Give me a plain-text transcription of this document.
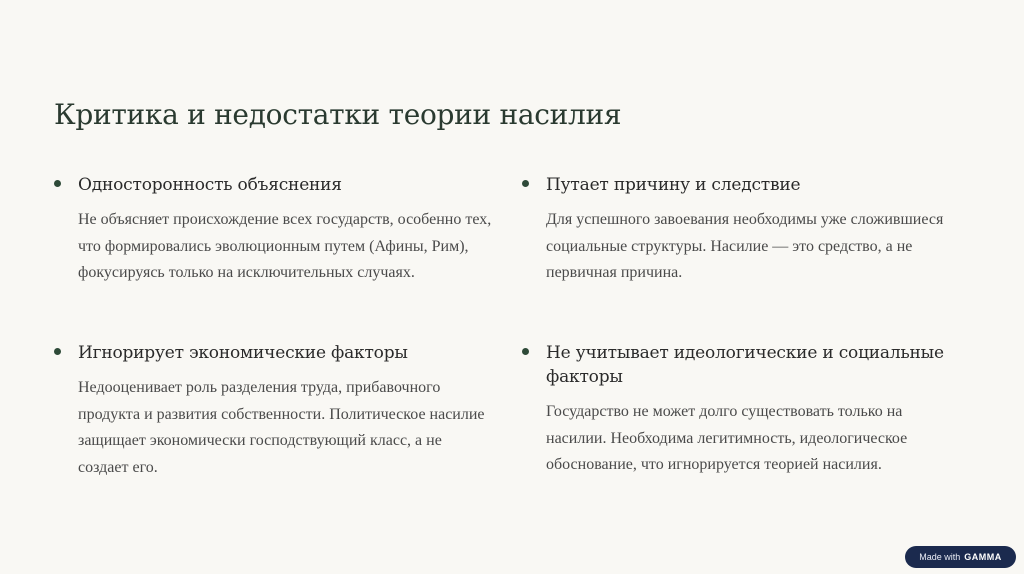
Критика и недостатки теории насилия
Односторонность объяснения

Не объясняет происхождение всех государств, особенно тех, что формировались эволюционным путем (Афины, Рим), фокусируясь только на исключительных случаях.

Путает причину и следствие

Для успешного завоевания необходимы уже сложившиеся социальные структуры. Насилие — это средство, а не первичная причина.

Игнорирует экономические факторы

Недооценивает роль разделения труда, прибавочного продукта и развития собственности. Политическое насилие защищает экономически господствующий класс, а не создает его.

Не учитывает идеологические и социальные факторы

Государство не может долго существовать только на насилии. Необходима легитимность, идеологическое обоснование, что игнорируется теорией насилия.

Made with GAMMA
